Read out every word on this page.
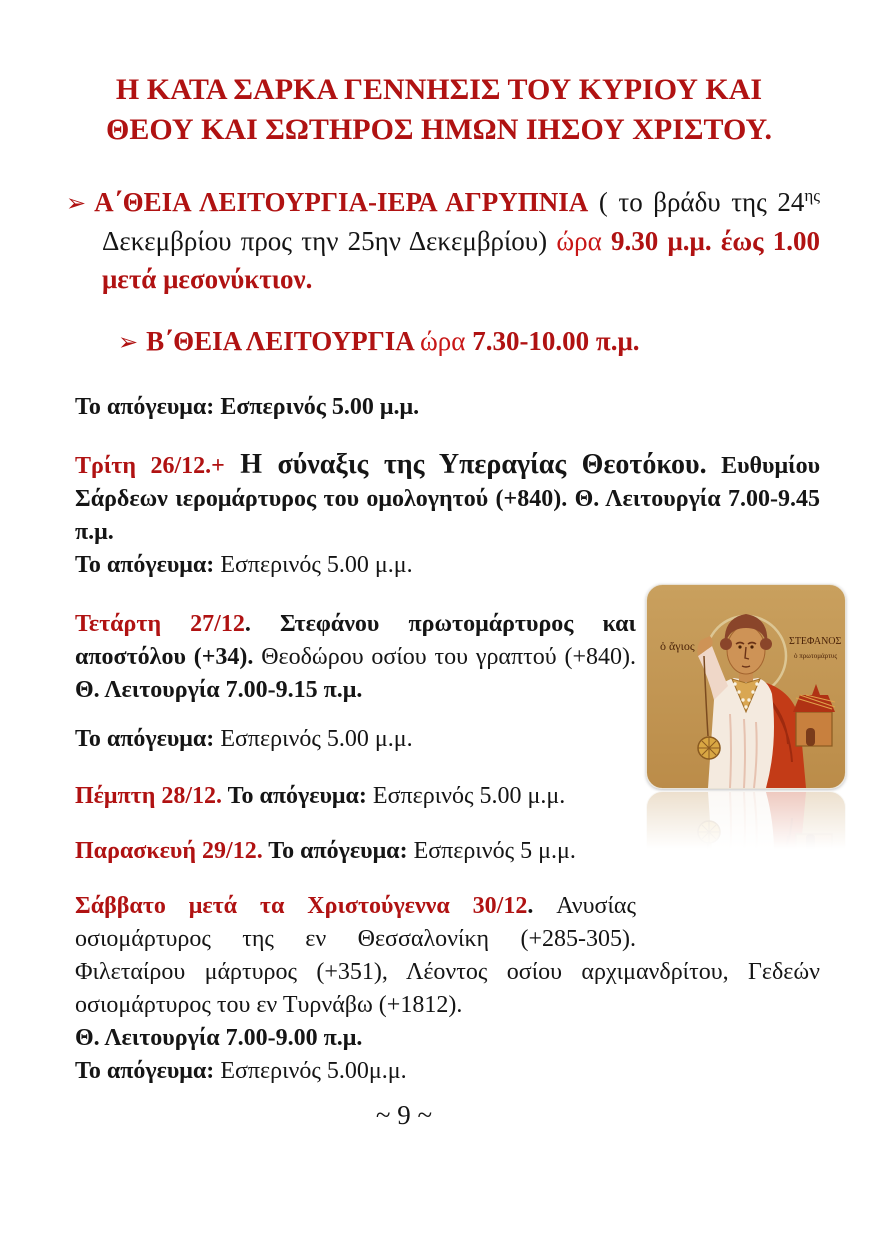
Η ΚΑΤΑ ΣΑΡΚΑ ΓΕΝΝΗΣΙΣ ΤΟΥ ΚΥΡΙΟΥ ΚΑΙ
ΘΕΟΥ ΚΑΙ ΣΩΤΗΡΟΣ ΗΜΩΝ ΙΗΣΟΥ ΧΡΙΣΤΟΥ.

➢ Α΄ΘΕΙΑ ΛΕΙΤΟΥΡΓΙΑ-ΙΕΡΑ ΑΓΡΥΠΝΙΑ ( το βράδυ της $24^{\eta\varsigma}$ Δεκεμβρίου προς την 25ην Δεκεμβρίου) ώρα 9.30 μ.μ. έως 1.00 μετά μεσονύκτιον.

➢ Β΄ΘΕΙΑ ΛΕΙΤΟΥΡΓΙΑ ώρα 7.30-10.00 π.μ.

Το απόγευμα: Εσπερινός 5.00 μ.μ.

Τρίτη 26/12.+ Η σύναξις της Υπεραγίας Θεοτόκου. Ευθυμίου Σάρδεων ιερομάρτυρος του ομολογητού (+840). Θ. Λειτουργία 7.00-9.45 π.μ.

Το απόγευμα: Εσπερινός 5.00 μ.μ.

ὁ ἅγιος	ΣΤΕΦΑΝΟΣ
ὁ πρωτομάρτυς
Τετάρτη 27/12. Στεφάνου πρωτομάρτυρος και αποστόλου (+34). Θεοδώρου οσίου του γραπτού (+840). Θ. Λειτουργία 7.00-9.15 π.μ.

Το απόγευμα: Εσπερινός 5.00 μ.μ.

Πέμπτη 28/12. Το απόγευμα: Εσπερινός 5.00 μ.μ.

Παρασκευή 29/12. Το απόγευμα: Εσπερινός 5 μ.μ.

Σάββατο μετά τα Χριστούγεννα 30/12. Ανυσίας οσιομάρτυρος της εν Θεσσαλονίκη (+285-305). Φιλεταίρου μάρτυρος (+351), Λέοντος οσίου αρχιμανδρίτου, Γεδεών οσιομάρτυρος του εν Τυρνάβω (+1812).

Θ. Λειτουργία 7.00-9.00 π.μ.

Το απόγευμα: Εσπερινός 5.00μ.μ.

~ 9 ~
